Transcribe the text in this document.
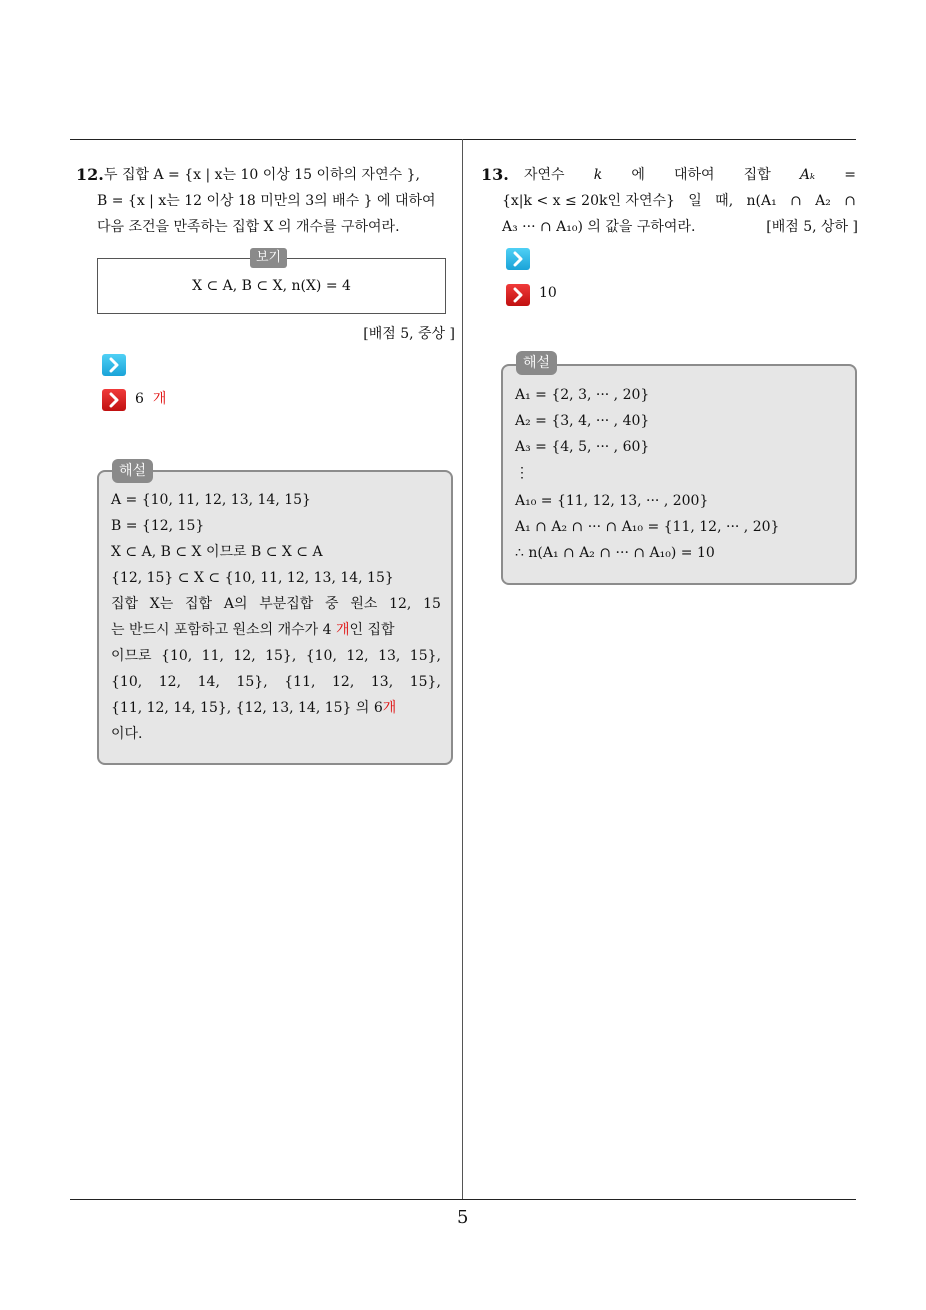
12. 두 집합 A = {x | x는 10 이상 15 이하의 자연수 },
B = {x | x는 12 이상 18 미만의 3의 배수 } 에 대하여
다음 조건을 만족하는 집합 X 의 개수를 구하여라.
X ⊂ A, B ⊂ X, n(X) = 4
보기
[배점 5, 중상 ]
6 개
A = {10, 11, 12, 13, 14, 15}
B = {12, 15}
X ⊂ A, B ⊂ X 이므로 B ⊂ X ⊂ A
{12, 15} ⊂ X ⊂ {10, 11, 12, 13, 14, 15}
집합 X는 집합 A의 부분집합 중 원소 12, 15
는 반드시 포함하고 원소의 개수가 4 개인 집합
이므로 {10, 11, 12, 15}, {10, 12, 13, 15},
{10, 12, 14, 15}, {11, 12, 13, 15},
{11, 12, 14, 15}, {12, 13, 14, 15} 의 6개
이다.
해설
13. 자연수 k 에 대하여 집합 Aₖ =
{x|k < x ≤ 20k인 자연수} 일 때, n(A₁ ∩ A₂ ∩
A₃ ··· ∩ A₁₀) 의 값을 구하여라.	[배점 5, 상하 ]
10
A₁ = {2, 3, ··· , 20}
A₂ = {3, 4, ··· , 40}
A₃ = {4, 5, ··· , 60}
⋮
A₁₀ = {11, 12, 13, ··· , 200}
A₁ ∩ A₂ ∩ ··· ∩ A₁₀ = {11, 12, ··· , 20}
∴ n(A₁ ∩ A₂ ∩ ··· ∩ A₁₀) = 10
해설
5
